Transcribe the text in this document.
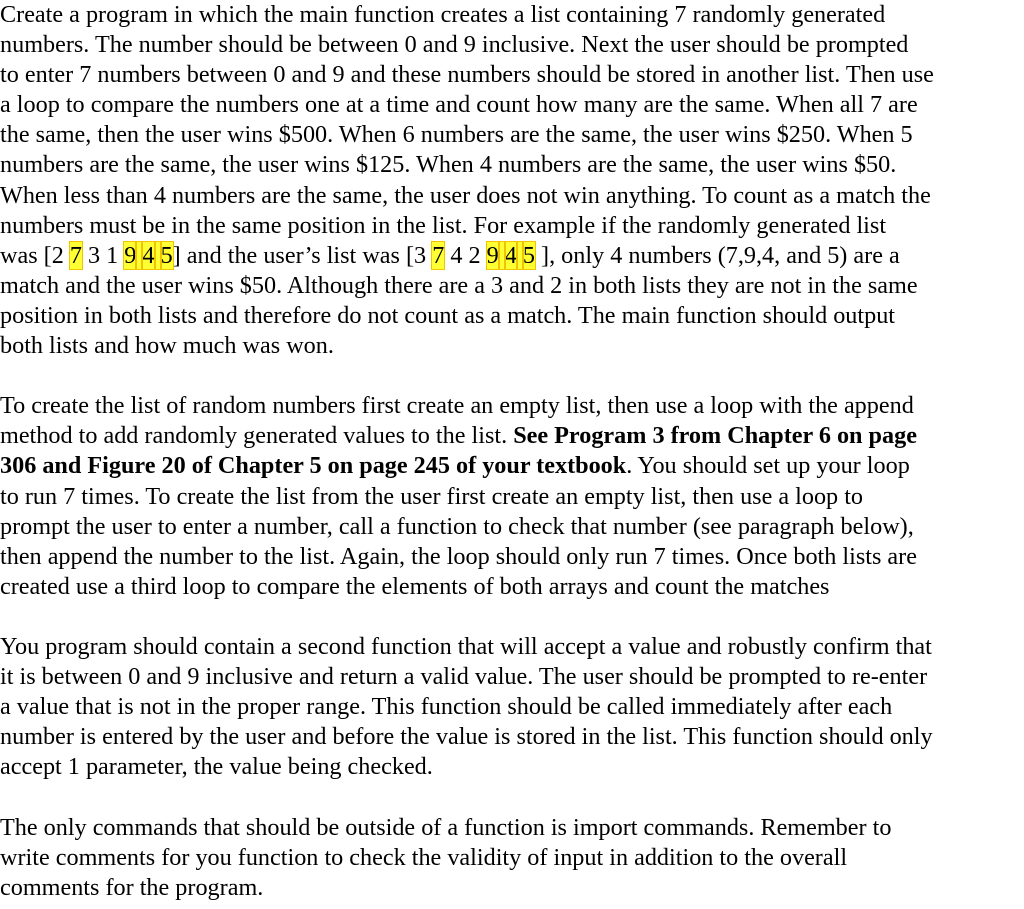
Create a program in which the main function creates a list containing 7 randomly generated
numbers. The number should be between 0 and 9 inclusive. Next the user should be prompted
to enter 7 numbers between 0 and 9 and these numbers should be stored in another list. Then use
a loop to compare the numbers one at a time and count how many are the same. When all 7 are
the same, then the user wins $500. When 6 numbers are the same, the user wins $250. When 5
numbers are the same, the user wins $125. When 4 numbers are the same, the user wins $50.
When less than 4 numbers are the same, the user does not win anything. To count as a match the
numbers must be in the same position in the list. For example if the randomly generated list
was [2 7 3 1 9 4 5] and the user’s list was [3 7 4 2 9 4 5 ], only 4 numbers (7,9,4, and 5) are a
match and the user wins $50. Although there are a 3 and 2 in both lists they are not in the same
position in both lists and therefore do not count as a match. The main function should output
both lists and how much was won.
To create the list of random numbers first create an empty list, then use a loop with the append
method to add randomly generated values to the list. See Program 3 from Chapter 6 on page
306 and Figure 20 of Chapter 5 on page 245 of your textbook. You should set up your loop
to run 7 times. To create the list from the user first create an empty list, then use a loop to
prompt the user to enter a number, call a function to check that number (see paragraph below),
then append the number to the list. Again, the loop should only run 7 times. Once both lists are
created use a third loop to compare the elements of both arrays and count the matches
You program should contain a second function that will accept a value and robustly confirm that
it is between 0 and 9 inclusive and return a valid value. The user should be prompted to re-enter
a value that is not in the proper range. This function should be called immediately after each
number is entered by the user and before the value is stored in the list. This function should only
accept 1 parameter, the value being checked.
The only commands that should be outside of a function is import commands. Remember to
write comments for you function to check the validity of input in addition to the overall
comments for the program.
